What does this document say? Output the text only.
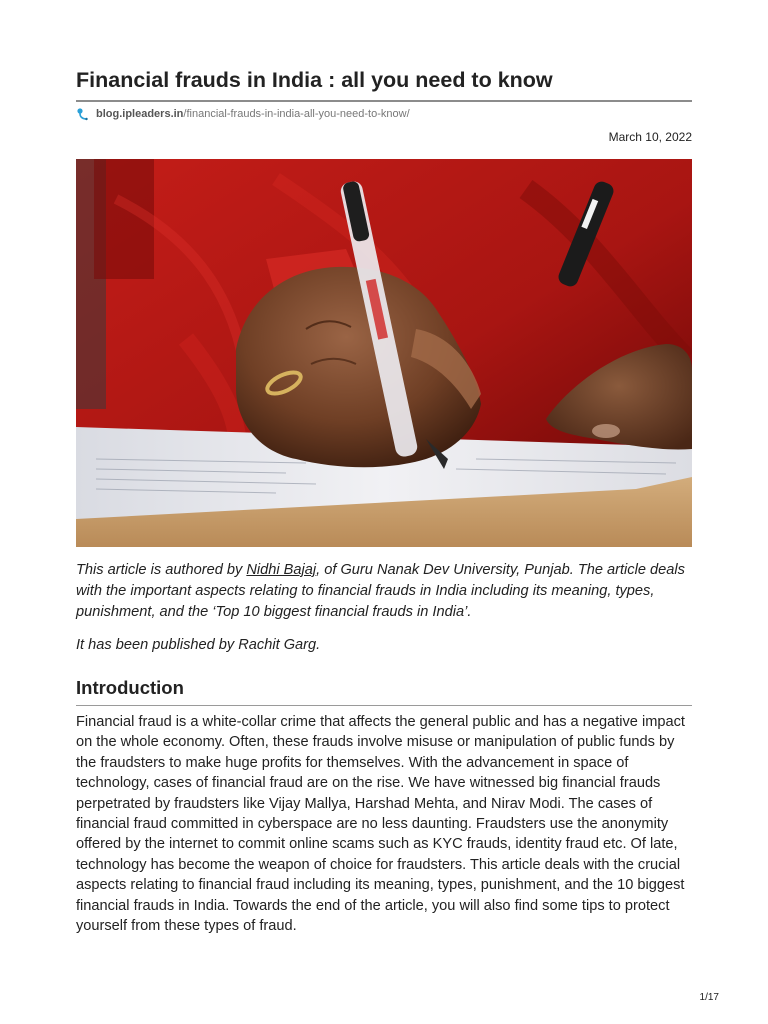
Financial frauds in India : all you need to know
blog.ipleaders.in /financial-frauds-in-india-all-you-need-to-know/
March 10, 2022

This article is authored by Nidhi Bajaj, of Guru Nanak Dev University, Punjab. The article deals with the important aspects relating to financial frauds in India including its meaning, types, punishment, and the ‘Top 10 biggest financial frauds in India’.

It has been published by Rachit Garg.

Introduction

Financial fraud is a white-collar crime that affects the general public and has a negative impact on the whole economy. Often, these frauds involve misuse or manipulation of public funds by the fraudsters to make huge profits for themselves. With the advancement in space of technology, cases of financial fraud are on the rise. We have witnessed big financial frauds perpetrated by fraudsters like Vijay Mallya, Harshad Mehta, and Nirav Modi. The cases of financial fraud committed in cyberspace are no less daunting. Fraudsters use the anonymity offered by the internet to commit online scams such as KYC frauds, identity fraud etc. Of late, technology has become the weapon of choice for fraudsters. This article deals with the crucial aspects relating to financial fraud including its meaning, types, punishment, and the 10 biggest financial frauds in India. Towards the end of the article, you will also find some tips to protect yourself from these types of fraud.

1/17
